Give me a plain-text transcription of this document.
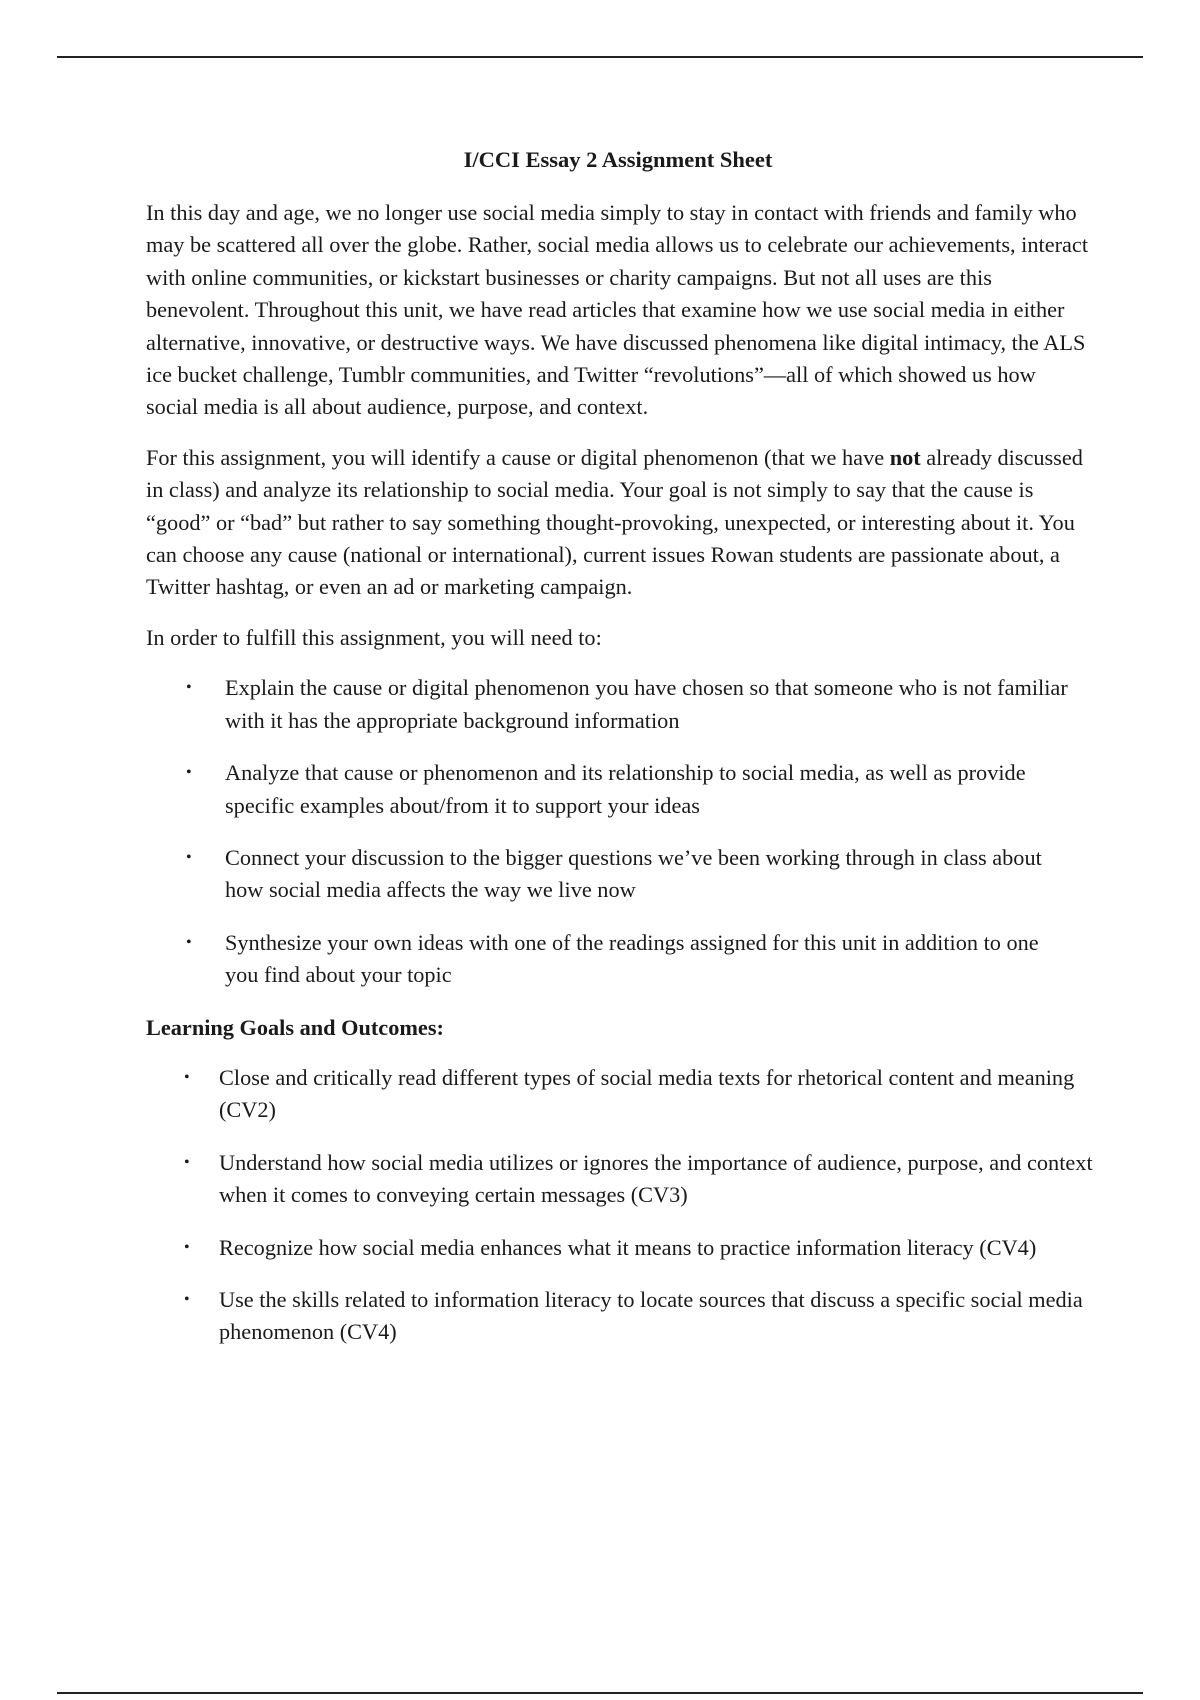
I/CCI Essay 2 Assignment Sheet

In this day and age, we no longer use social media simply to stay in contact with friends and family who may be scattered all over the globe. Rather, social media allows us to celebrate our achievements, interact with online communities, or kickstart businesses or charity campaigns. But not all uses are this benevolent. Throughout this unit, we have read articles that examine how we use social media in either alternative, innovative, or destructive ways. We have discussed phenomena like digital intimacy, the ALS ice bucket challenge, Tumblr communities, and Twitter “revolutions”—all of which showed us how social media is all about audience, purpose, and context.

For this assignment, you will identify a cause or digital phenomenon (that we have not already discussed in class) and analyze its relationship to social media. Your goal is not simply to say that the cause is “good” or “bad” but rather to say something thought-provoking, unexpected, or interesting about it. You can choose any cause (national or international), current issues Rowan students are passionate about, a Twitter hashtag, or even an ad or marketing campaign.

In order to fulfill this assignment, you will need to:

• Explain the cause or digital phenomenon you have chosen so that someone who is not familiar with it has the appropriate background information
• Analyze that cause or phenomenon and its relationship to social media, as well as provide specific examples about/from it to support your ideas
• Connect your discussion to the bigger questions we’ve been working through in class about how social media affects the way we live now
• Synthesize your own ideas with one of the readings assigned for this unit in addition to one you find about your topic
Learning Goals and Outcomes:
• Close and critically read different types of social media texts for rhetorical content and meaning (CV2)
• Understand how social media utilizes or ignores the importance of audience, purpose, and context when it comes to conveying certain messages (CV3)
• Recognize how social media enhances what it means to practice information literacy (CV4)
• Use the skills related to information literacy to locate sources that discuss a specific social media phenomenon (CV4)
